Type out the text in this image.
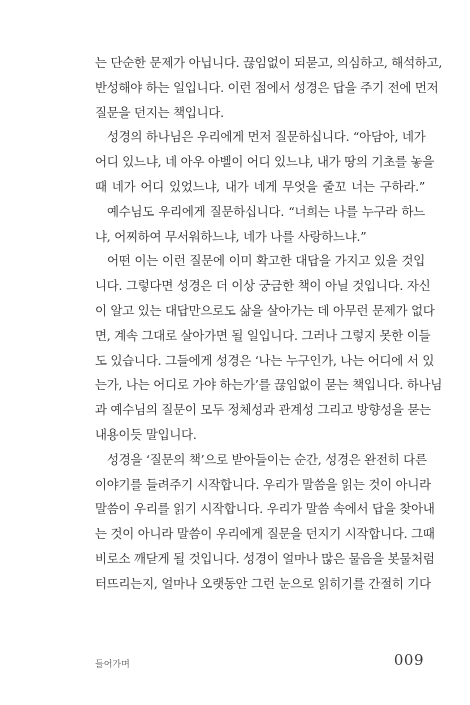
는 단순한 문제가 아닙니다. 끊임없이 되묻고, 의심하고, 해석하고,
반성해야 하는 일입니다. 이런 점에서 성경은 답을 주기 전에 먼저
질문을 던지는 책입니다.
성경의 하나님은 우리에게 먼저 질문하십니다. “아담아, 네가
어디 있느냐, 네 아우 아벨이 어디 있느냐, 내가 땅의 기초를 놓을
때 네가 어디 있었느냐, 내가 네게 무엇을 줄꼬 너는 구하라.”
예수님도 우리에게 질문하십니다. “너희는 나를 누구라 하느
냐, 어찌하여 무서워하느냐, 네가 나를 사랑하느냐.”
어떤 이는 이런 질문에 이미 확고한 대답을 가지고 있을 것입
니다. 그렇다면 성경은 더 이상 궁금한 책이 아닐 것입니다. 자신
이 알고 있는 대답만으로도 삶을 살아가는 데 아무런 문제가 없다
면, 계속 그대로 살아가면 될 일입니다. 그러나 그렇지 못한 이들
도 있습니다. 그들에게 성경은 ‘나는 누구인가, 나는 어디에 서 있
는가, 나는 어디로 가야 하는가’를 끊임없이 묻는 책입니다. 하나님
과 예수님의 질문이 모두 정체성과 관계성 그리고 방향성을 묻는
내용이듯 말입니다.
성경을 ‘질문의 책’으로 받아들이는 순간, 성경은 완전히 다른
이야기를 들려주기 시작합니다. 우리가 말씀을 읽는 것이 아니라
말씀이 우리를 읽기 시작합니다. 우리가 말씀 속에서 답을 찾아내
는 것이 아니라 말씀이 우리에게 질문을 던지기 시작합니다. 그때
비로소 깨닫게 될 것입니다. 성경이 얼마나 많은 물음을 봇물처럼
터뜨리는지, 얼마나 오랫동안 그런 눈으로 읽히기를 간절히 기다
들어가며	009
